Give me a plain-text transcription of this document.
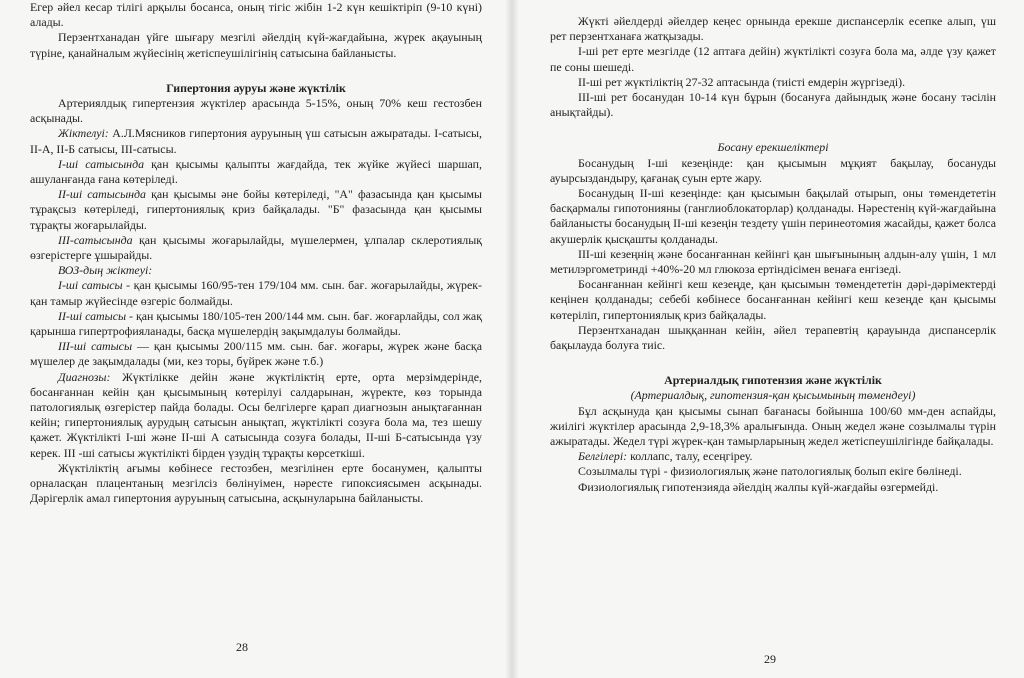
Егер әйел кесар тілігі арқылы босанса, оның тігіс жібін 1-2 күн кешіктіріп (9-10 күні) алады.

Перзентханадан үйге шығару мезгілі әйелдің күй-жағдайына, жүрек ақауының түріне, қанайналым жүйесінің жетіспеушілігінің сатысына байланысты.

Гипертония ауруы және жүктілік

Артериялдық гипертензия жүктілер арасында 5-15%, оның 70% кеш гестозбен асқынады.

Жіктелуі: А.Л.Мясников гипертония ауруының үш сатысын ажыратады. I-сатысы, II-А, II-Б сатысы, III-сатысы.

I-ші сатысында қан қысымы қалыпты жағдайда, тек жүйке жүйесі шаршап, ашуланғанда ғана көтеріледі.

II-ші сатысында қан қысымы әне бойы көтеріледі, "А" фазасында қан қысымы тұрақсыз көтеріледі, гипертониялық криз байқалады. "Б" фазасында қан қысымы тұрақты жоғарылайды.

III-сатысында қан қысымы жоғарылайды, мүшелермен, ұлпалар склеротиялық өзгерістерге ұшырайды.

ВОЗ-дың жіктеуі:

I-ші сатысы - қан қысымы 160/95-тен 179/104 мм. сын. бағ. жоғарылайды, жүрек-қан тамыр жүйесінде өзгеріс болмайды.

II-ші сатысы - қан қысымы 180/105-тен 200/144 мм. сын. бағ. жоғарлайды, сол жақ қарынша гипертрофияланады, басқа мүшелердің зақымдалуы болмайды.

III-ші сатысы — қан қысымы 200/115 мм. сын. бағ. жоғары, жүрек және басқа мүшелер де зақымдалады (ми, кез торы, бүйрек және т.б.)

Диагнозы: Жүктілікке дейін және жүктіліктің ерте, орта мерзімдерінде, босанғаннан кейін қан қысымының көтерілуі салдарынан, жүректе, көз торында патологиялық өзгерістер пайда болады. Осы белгілерге қарап диагнозын анықтағаннан кейін; гипертониялық аурудың сатысын анықтап, жүктілікті созуға бола ма, тез шешу қажет. Жүктілікті I-ші және II-ші А сатысында созуға болады, II-ші Б-сатысында үзу керек. III -ші сатысы жүктілікті бірден үзудің тұрақты көрсеткіші.

Жүктіліктің ағымы көбінесе гестозбен, мезгілінен ерте босанумен, қалыпты орналасқан плацентаның мезгілсіз бөлінуімен, нәресте гипоксиясымен асқынады. Дәрігерлік амал гипертония ауруының сатысына, асқынуларына байланысты.

28

Жүкті әйелдерді әйелдер кеңес орнында ерекше диспансерлік есепке алып, үш рет перзентханаға жатқызады.

I-ші рет ерте мезгілде (12 аптаға дейін) жүктілікті созуға бола ма, әлде үзу қажет пе соны шешеді.

II-ші рет жүктіліктің 27-32 аптасында (тиісті емдерін жүргізеді).

III-ші рет босанудан 10-14 күн бұрын (босануға дайындық және босану тәсілін анықтайды).

Босану ерекшеліктері

Босанудың I-ші кезеңінде: қан қысымын мұқият бақылау, босануды ауырсыздандыру, қағанақ суын ерте жару.

Босанудың II-ші кезеңінде: қан қысымын бақылай отырып, оны төмендететін басқармалы гипотонияны (ганглиоблокаторлар) қолданады. Нәрестенің күй-жағдайына байланысты босанудың II-ші кезеңін тездету үшін перинеотомия жасайды, қажет болса акушерлік қысқашты қолданады.

III-ші кезеңнің және босанғаннан кейінгі қан шығынының алдын-алу үшін, 1 мл метилэргометринді +40%-20 мл глюкоза ертіндісімен венаға енгізеді.

Босанғаннан кейінгі кеш кезеңде, қан қысымын төмендететін дәрі-дәрімектерді кеңінен қолданады; себебі көбінесе босанғаннан кейінгі кеш кезеңде қан қысымы көтеріліп, гипертониялық криз байқалады.

Перзентханадан шыққаннан кейін, әйел терапевтің қарауында диспансерлік бақылауда болуға тиіс.

Артериалдық гипотензия және жүктілік

(Артериалдық, гипотензия-қан қысымының төмендеуі)

Бұл асқынуда қан қысымы сынап бағанасы бойынша 100/60 мм-ден аспайды, жиілігі жүктілер арасында 2,9-18,3% аралығында. Оның жедел және созылмалы түрін ажыратады. Жедел түрі жүрек-қан тамырларының жедел жетіспеушілігінде байқалады.

Белгілері: коллапс, талу, есеңгіреу.

Созылмалы түрі - физиологиялық және патологиялық болып екіге бөлінеді.

Физиологиялық гипотензияда әйелдің жалпы күй-жағдайы өзгермейді.

29
